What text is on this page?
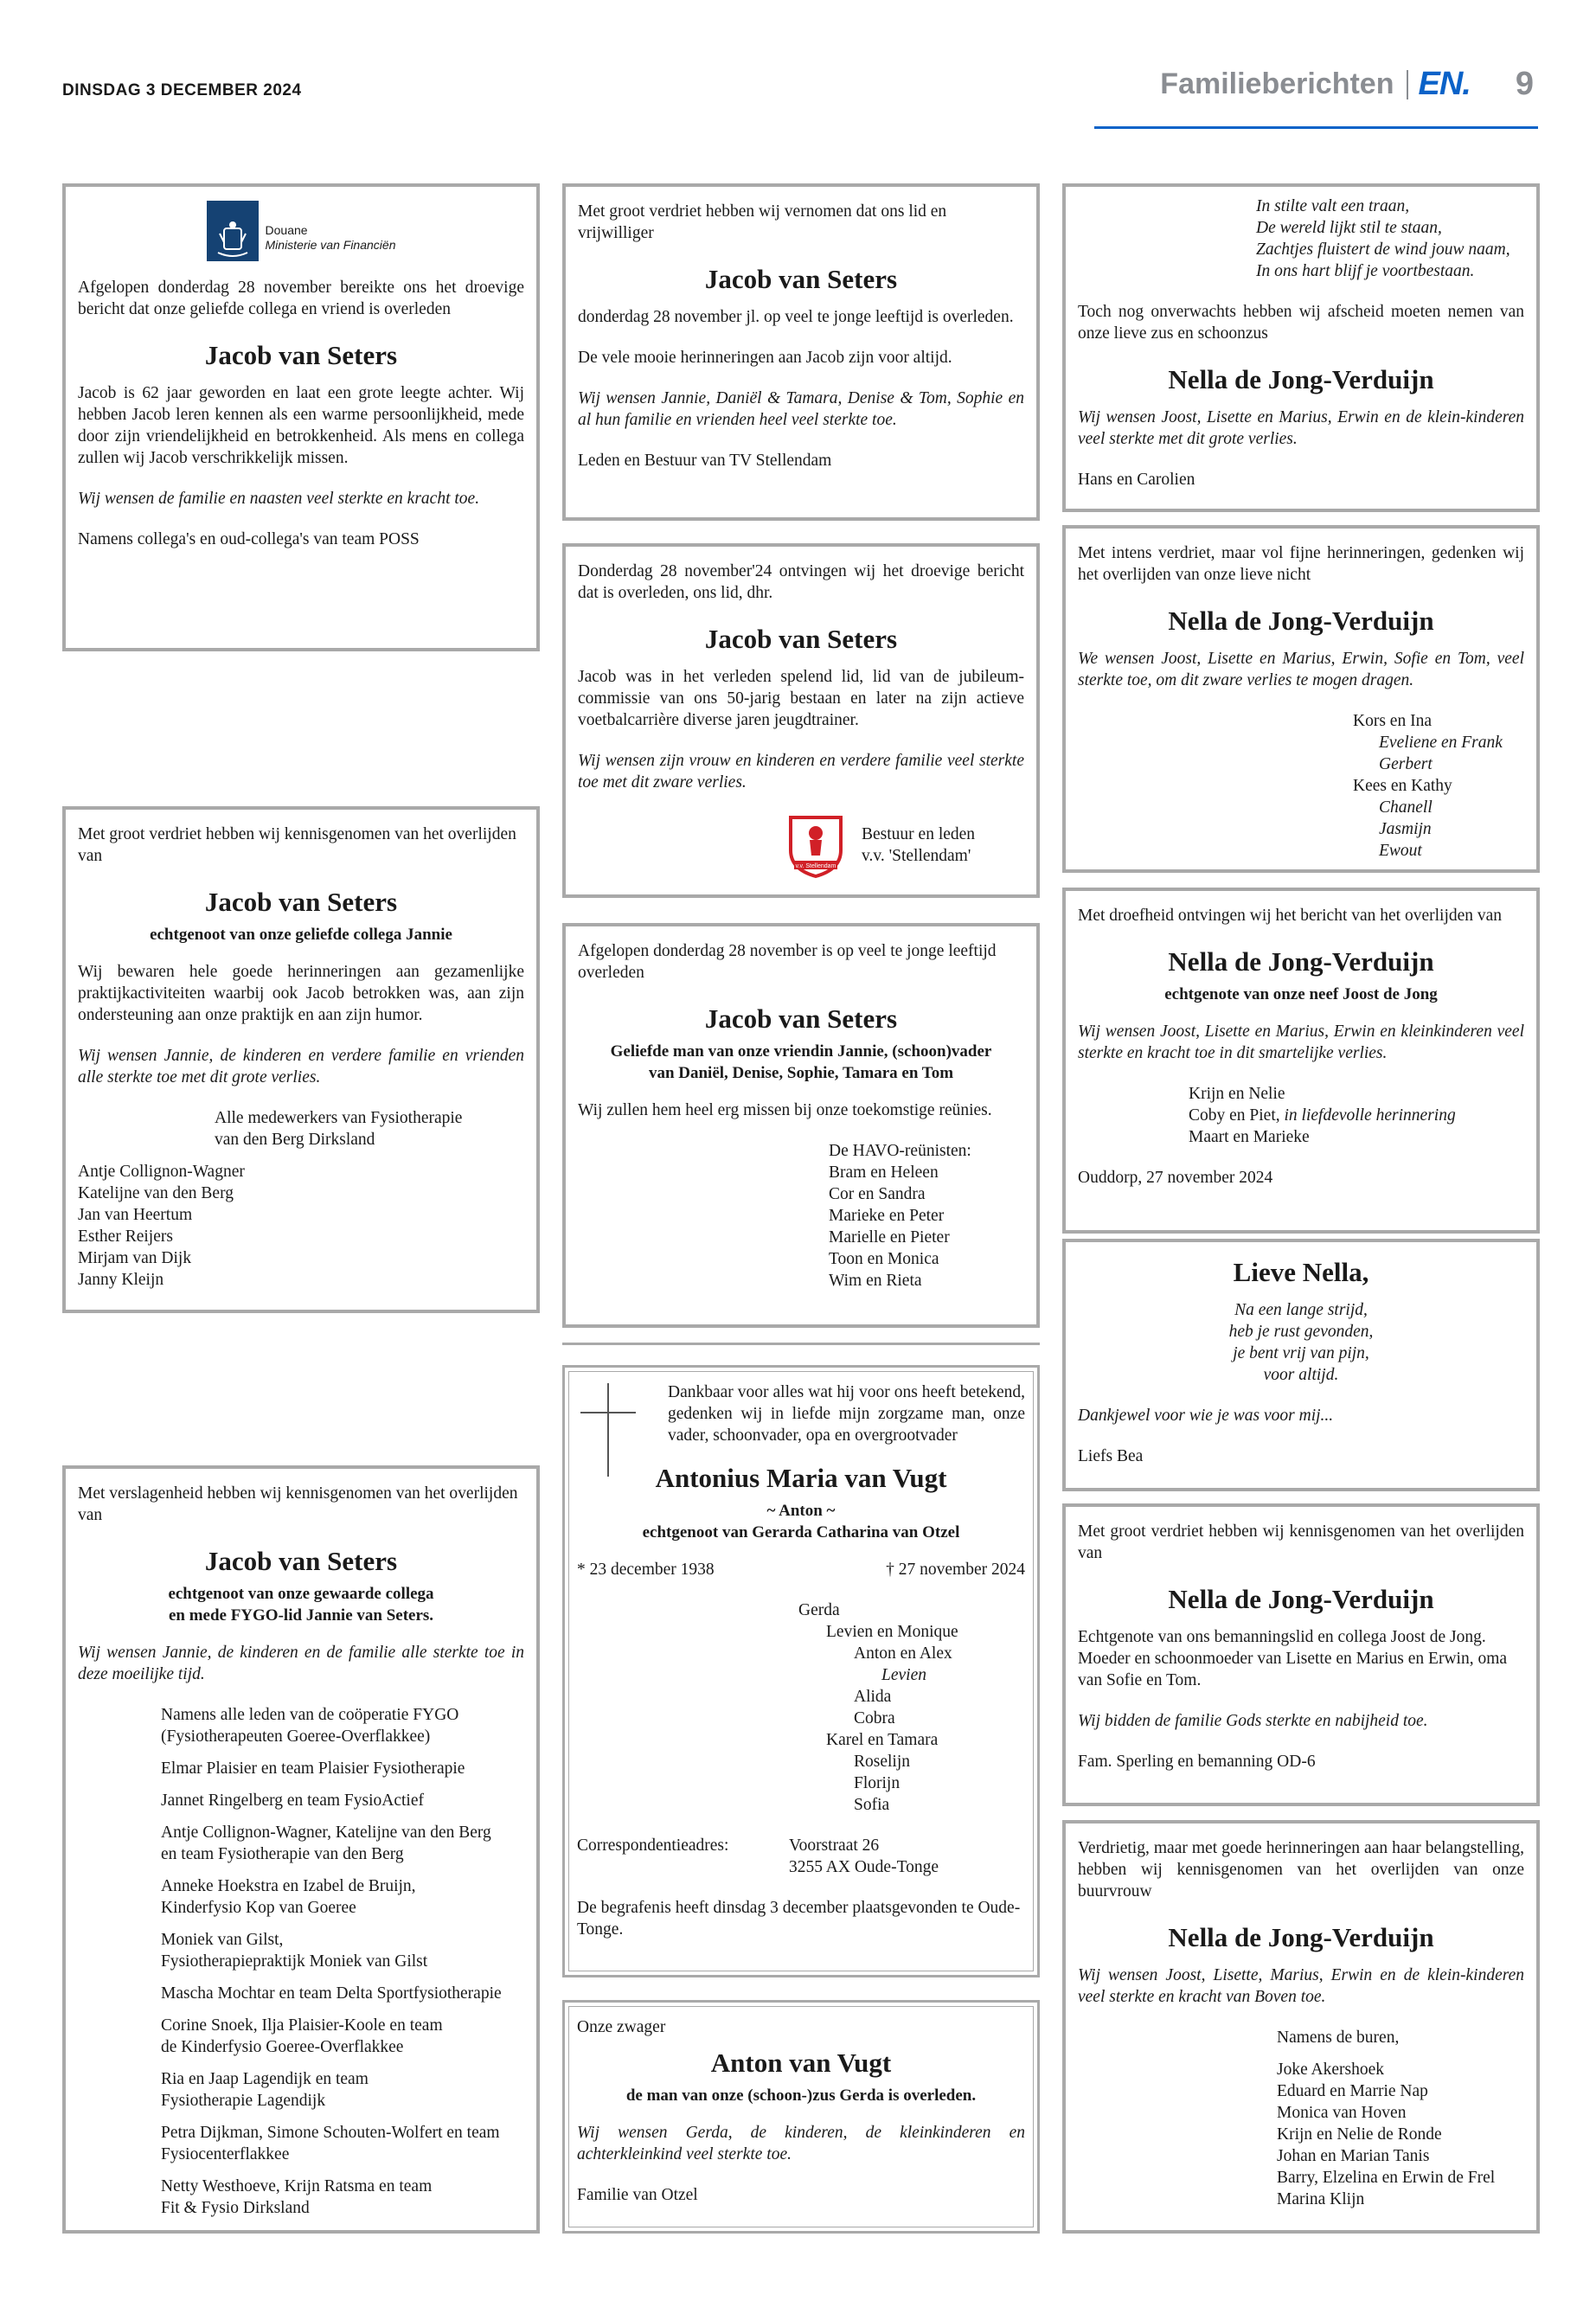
DINSDAG 3 DECEMBER 2024	Familieberichten EN. 9
Douane
Ministerie van Financiën

Afgelopen donderdag 28 november bereikte ons het droevige bericht dat onze geliefde collega en vriend is overleden

Jacob van Seters

Jacob is 62 jaar geworden en laat een grote leegte achter. Wij hebben Jacob leren kennen als een warme persoonlijkheid, mede door zijn vriendelijkheid en betrokkenheid. Als mens en collega zullen wij Jacob verschrikkelijk missen.

Wij wensen de familie en naasten veel sterkte en kracht toe.

Namens collega's en oud-collega's van team POSS

Met groot verdriet hebben wij kennisgenomen van het overlijden van

Jacob van Seters
echtgenoot van onze geliefde collega Jannie

Wij bewaren hele goede herinneringen aan gezamenlijke praktijkactiviteiten waarbij ook Jacob betrokken was, aan zijn ondersteuning aan onze praktijk en aan zijn humor.

Wij wensen Jannie, de kinderen en verdere familie en vrienden alle sterkte toe met dit grote verlies.

Alle medewerkers van Fysiotherapie
van den Berg Dirksland
Antje Collignon-Wagner
Katelijne van den Berg
Jan van Heertum
Esther Reijers
Mirjam van Dijk
Janny Kleijn

Met verslagenheid hebben wij kennisgenomen van het overlijden van

Jacob van Seters
echtgenoot van onze gewaarde collega
en mede FYGO-lid Jannie van Seters.

Wij wensen Jannie, de kinderen en de familie alle sterkte toe in deze moeilijke tijd.

Namens alle leden van de coöperatie FYGO
(Fysiotherapeuten Goeree-Overflakkee)
Elmar Plaisier en team Plaisier Fysiotherapie
Jannet Ringelberg en team FysioActief
Antje Collignon-Wagner, Katelijne van den Berg
en team Fysiotherapie van den Berg
Anneke Hoekstra en Izabel de Bruijn,
Kinderfysio Kop van Goeree
Moniek van Gilst,
Fysiotherapiepraktijk Moniek van Gilst
Mascha Mochtar en team Delta Sportfysiotherapie
Corine Snoek, Ilja Plaisier-Koole en team
de Kinderfysio Goeree-Overflakkee
Ria en Jaap Lagendijk en team
Fysiotherapie Lagendijk
Petra Dijkman, Simone Schouten-Wolfert en team
Fysiocenterflakkee
Netty Westhoeve, Krijn Ratsma en team
Fit & Fysio Dirksland

Met groot verdriet hebben wij vernomen dat ons lid en vrijwilliger

Jacob van Seters

donderdag 28 november jl. op veel te jonge leeftijd is overleden.

De vele mooie herinneringen aan Jacob zijn voor altijd.

Wij wensen Jannie, Daniël & Tamara, Denise & Tom, Sophie en al hun familie en vrienden heel veel sterkte toe.

Leden en Bestuur van TV Stellendam

Donderdag 28 november'24 ontvingen wij het droevige bericht dat is overleden, ons lid, dhr.

Jacob van Seters

Jacob was in het verleden spelend lid, lid van de jubileum-commissie van ons 50-jarig bestaan en later na zijn actieve voetbalcarrière diverse jaren jeugdtrainer.

Wij wensen zijn vrouw en kinderen en verdere familie veel sterkte toe met dit zware verlies.

v.v. Stellendam
Bestuur en leden
v.v. 'Stellendam'

Afgelopen donderdag 28 november is op veel te jonge leeftijd overleden

Jacob van Seters
Geliefde man van onze vriendin Jannie, (schoon)vader
van Daniël, Denise, Sophie, Tamara en Tom

Wij zullen hem heel erg missen bij onze toekomstige reünies.

De HAVO-reünisten:
Bram en Heleen
Cor en Sandra
Marieke en Peter
Marielle en Pieter
Toon en Monica
Wim en Rieta

Dankbaar voor alles wat hij voor ons heeft betekend, gedenken wij in liefde mijn zorgzame man, onze vader, schoonvader, opa en overgrootvader

Antonius Maria van Vugt
~ Anton ~
echtgenoot van Gerarda Catharina van Otzel
* 23 december 1938	† 27 november 2024
Gerda
Levien en Monique
Anton en Alex
Levien
Alida
Cobra
Karel en Tamara
Roselijn
Florijn
Sofia
Correspondentieadres:	Voorstraat 26
3255 AX Oude-Tonge

De begrafenis heeft dinsdag 3 december plaatsgevonden te Oude-Tonge.

Onze zwager

Anton van Vugt
de man van onze (schoon-)zus Gerda is overleden.

Wij wensen Gerda, de kinderen, de kleinkinderen en achterkleinkind veel sterkte toe.

Familie van Otzel

In stilte valt een traan,
De wereld lijkt stil te staan,
Zachtjes fluistert de wind jouw naam,
In ons hart blijf je voortbestaan.

Toch nog onverwachts hebben wij afscheid moeten nemen van onze lieve zus en schoonzus

Nella de Jong-Verduijn

Wij wensen Joost, Lisette en Marius, Erwin en de klein-kinderen veel sterkte met dit grote verlies.

Hans en Carolien

Met intens verdriet, maar vol fijne herinneringen, gedenken wij het overlijden van onze lieve nicht

Nella de Jong-Verduijn

We wensen Joost, Lisette en Marius, Erwin, Sofie en Tom, veel sterkte toe, om dit zware verlies te mogen dragen.

Kors en Ina
Eveliene en Frank
Gerbert
Kees en Kathy
Chanell
Jasmijn
Ewout

Met droefheid ontvingen wij het bericht van het overlijden van

Nella de Jong-Verduijn
echtgenote van onze neef Joost de Jong

Wij wensen Joost, Lisette en Marius, Erwin en kleinkinderen veel sterkte en kracht toe in dit smartelijke verlies.

Krijn en Nelie
Coby en Piet, in liefdevolle herinnering
Maart en Marieke

Ouddorp, 27 november 2024

Lieve Nella,
Na een lange strijd,
heb je rust gevonden,
je bent vrij van pijn,
voor altijd.

Dankjewel voor wie je was voor mij...

Liefs Bea

Met groot verdriet hebben wij kennisgenomen van het overlijden van

Nella de Jong-Verduijn

Echtgenote van ons bemanningslid en collega Joost de Jong.

Moeder en schoonmoeder van Lisette en Marius en Erwin, oma van Sofie en Tom.

Wij bidden de familie Gods sterkte en nabijheid toe.

Fam. Sperling en bemanning OD-6

Verdrietig, maar met goede herinneringen aan haar belangstelling, hebben wij kennisgenomen van het overlijden van onze buurvrouw

Nella de Jong-Verduijn

Wij wensen Joost, Lisette, Marius, Erwin en de klein-kinderen veel sterkte en kracht van Boven toe.

Namens de buren,
Joke Akershoek
Eduard en Marrie Nap
Monica van Hoven
Krijn en Nelie de Ronde
Johan en Marian Tanis
Barry, Elzelina en Erwin de Frel
Marina Klijn
